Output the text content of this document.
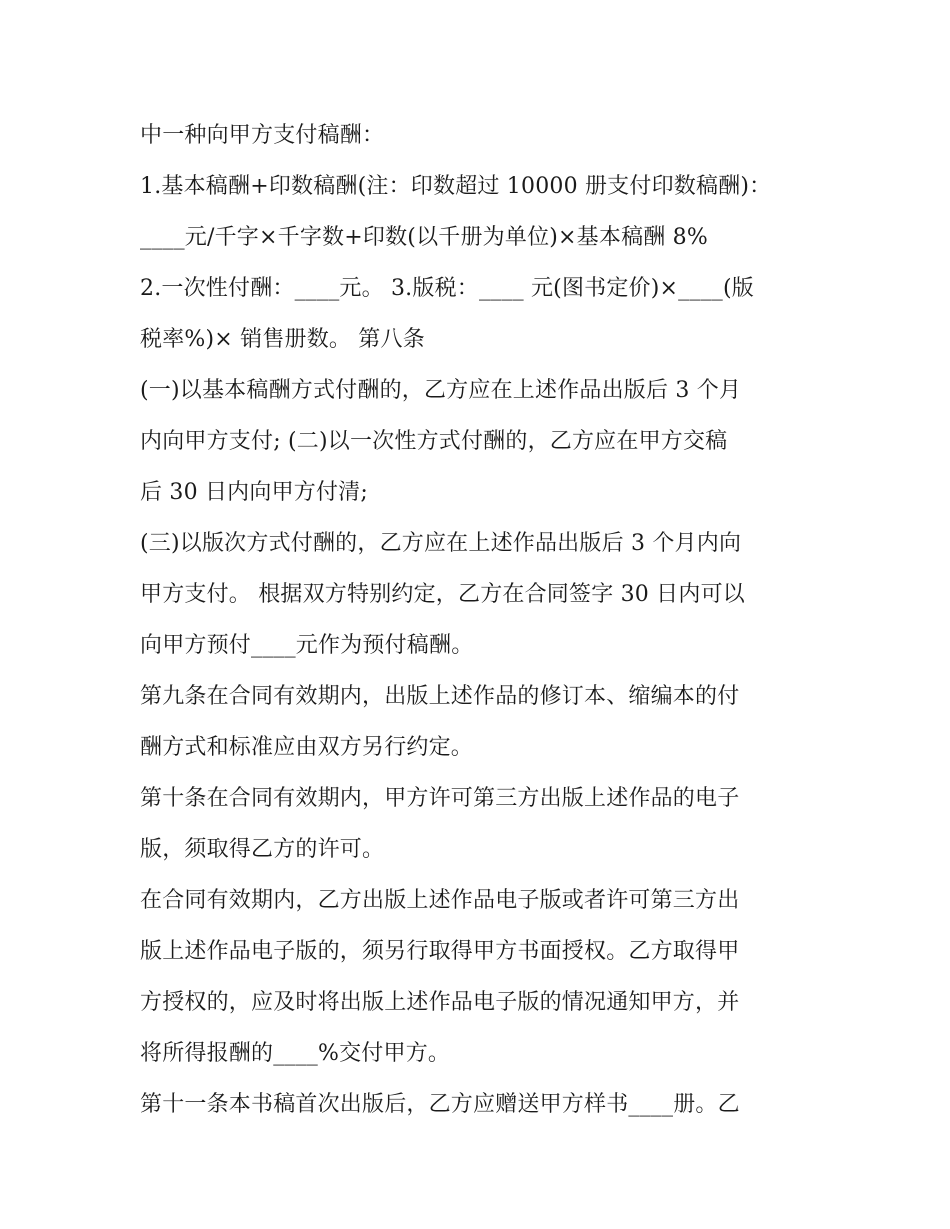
中一种向甲方支付稿酬：
1.基本稿酬+印数稿酬(注：印数超过 10000 册支付印数稿酬)：
____元/千字×千字数+印数(以千册为单位)×基本稿酬 8%
2.一次性付酬：____元。 3.版税：____ 元(图书定价)×____(版
税率%)× 销售册数。 第八条
(一)以基本稿酬方式付酬的，乙方应在上述作品出版后 3 个月
内向甲方支付; (二)以一次性方式付酬的，乙方应在甲方交稿
后 30 日内向甲方付清;
(三)以版次方式付酬的，乙方应在上述作品出版后 3 个月内向
甲方支付。 根据双方特别约定，乙方在合同签字 30 日内可以
向甲方预付____元作为预付稿酬。
第九条在合同有效期内，出版上述作品的修订本、缩编本的付
酬方式和标准应由双方另行约定。
第十条在合同有效期内，甲方许可第三方出版上述作品的电子
版，须取得乙方的许可。
在合同有效期内，乙方出版上述作品电子版或者许可第三方出
版上述作品电子版的，须另行取得甲方书面授权。乙方取得甲
方授权的，应及时将出版上述作品电子版的情况通知甲方，并
将所得报酬的____%交付甲方。
第十一条本书稿首次出版后，乙方应赠送甲方样书____册。乙
